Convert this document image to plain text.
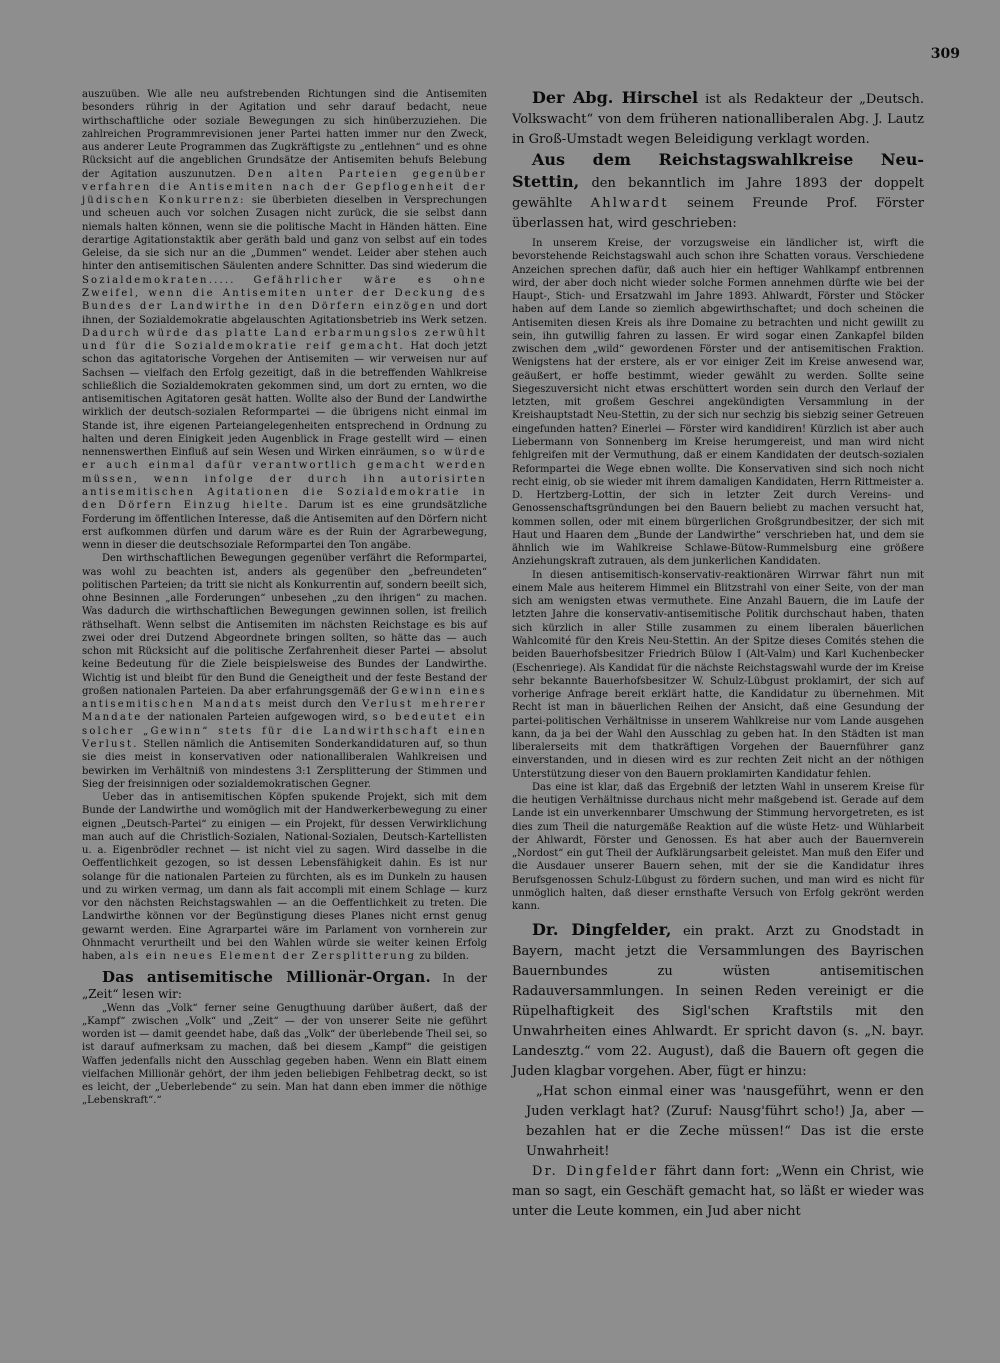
309

auszuüben. Wie alle neu aufstrebenden Richtungen sind die Antisemiten besonders rührig in der Agitation und sehr darauf bedacht, neue wirthschaftliche oder soziale Bewegungen zu sich hinüberzuziehen. Die zahlreichen Programmrevisionen jener Partei hatten immer nur den Zweck, aus anderer Leute Programmen das Zugkräftigste zu „entlehnen“ und es ohne Rücksicht auf die angeblichen Grundsätze der Antisemiten behufs Belebung der Agitation auszunutzen. Den alten Parteien gegenüber verfahren die Antisemiten nach der Gepflogenheit der jüdischen Konkurrenz: sie überbieten dieselben in Versprechungen und scheuen auch vor solchen Zusagen nicht zurück, die sie selbst dann niemals halten können, wenn sie die politische Macht in Händen hätten. Eine derartige Agitationstaktik aber geräth bald und ganz von selbst auf ein todes Geleise, da sie sich nur an die „Dummen“ wendet. Leider aber stehen auch hinter den antisemitischen Säulenten andere Schnitter. Das sind wiederum die Sozialdemokraten..... Gefährlicher wäre es ohne Zweifel, wenn die Antisemiten unter der Deckung des Bundes der Landwirthe in den Dörfern einzögen und dort ihnen, der Sozialdemokratie abgelauschten Agitationsbetrieb ins Werk setzen. Dadurch würde das platte Land erbarmungslos zerwühlt und für die Sozialdemokratie reif gemacht. Hat doch jetzt schon das agitatorische Vorgehen der Antisemiten — wir verweisen nur auf Sachsen — vielfach den Erfolg gezeitigt, daß in die betreffenden Wahlkreise schließlich die Sozialdemokraten gekommen sind, um dort zu ernten, wo die antisemitischen Agitatoren gesät hatten. Wollte also der Bund der Landwirthe wirklich der deutsch-sozialen Reformpartei — die übrigens nicht einmal im Stande ist, ihre eigenen Parteiangelegenheiten entsprechend in Ordnung zu halten und deren Einigkeit jeden Augenblick in Frage gestellt wird — einen nennenswerthen Einfluß auf sein Wesen und Wirken einräumen, so würde er auch einmal dafür verantwortlich gemacht werden müssen, wenn infolge der durch ihn autorisirten antisemitischen Agitationen die Sozialdemokratie in den Dörfern Einzug hielte. Darum ist es eine grundsätzliche Forderung im öffentlichen Interesse, daß die Antisemiten auf den Dörfern nicht erst aufkommen dürfen und darum wäre es der Ruin der Agrarbewegung, wenn in dieser die deutschsoziale Reformpartei den Ton angäbe.

Den wirthschaftlichen Bewegungen gegenüber verfährt die Reformpartei, was wohl zu beachten ist, anders als gegenüber den „befreundeten“ politischen Parteien; da tritt sie nicht als Konkurrentin auf, sondern beeilt sich, ohne Besinnen „alle Forderungen“ unbesehen „zu den ihrigen“ zu machen. Was dadurch die wirthschaftlichen Bewegungen gewinnen sollen, ist freilich räthselhaft. Wenn selbst die Antisemiten im nächsten Reichstage es bis auf zwei oder drei Dutzend Abgeordnete bringen sollten, so hätte das — auch schon mit Rücksicht auf die politische Zerfahrenheit dieser Partei — absolut keine Bedeutung für die Ziele beispielsweise des Bundes der Landwirthe. Wichtig ist und bleibt für den Bund die Geneigtheit und der feste Bestand der großen nationalen Parteien. Da aber erfahrungsgemäß der Gewinn eines antisemitischen Mandats meist durch den Verlust mehrerer Mandate der nationalen Parteien aufgewogen wird, so bedeutet ein solcher „Gewinn“ stets für die Landwirthschaft einen Verlust. Stellen nämlich die Antisemiten Sonderkandidaturen auf, so thun sie dies meist in konservativen oder nationalliberalen Wahlkreisen und bewirken im Verhältniß von mindestens 3:1 Zersplitterung der Stimmen und Sieg der freisinnigen oder sozialdemokratischen Gegner.

Ueber das in antisemitischen Köpfen spukende Projekt, sich mit dem Bunde der Landwirthe und womöglich mit der Handwerkerbewegung zu einer eignen „Deutsch-Partei“ zu einigen — ein Projekt, für dessen Verwirklichung man auch auf die Christlich-Sozialen, National-Sozialen, Deutsch-Kartellisten u. a. Eigenbrödler rechnet — ist nicht viel zu sagen. Wird dasselbe in die Oeffentlichkeit gezogen, so ist dessen Lebensfähigkeit dahin. Es ist nur solange für die nationalen Parteien zu fürchten, als es im Dunkeln zu hausen und zu wirken vermag, um dann als fait accompli mit einem Schlage — kurz vor den nächsten Reichstagswahlen — an die Oeffentlichkeit zu treten. Die Landwirthe können vor der Begünstigung dieses Planes nicht ernst genug gewarnt werden. Eine Agrarpartei wäre im Parlament von vornherein zur Ohnmacht verurtheilt und bei den Wahlen würde sie weiter keinen Erfolg haben, als ein neues Element der Zersplitterung zu bilden.

Das antisemitische Millionär-Organ. In der „Zeit“ lesen wir:

„Wenn das „Volk“ ferner seine Genugthuung darüber äußert, daß der „Kampf“ zwischen „Volk“ und „Zeit“ — der von unserer Seite nie geführt worden ist — damit geendet habe, daß das „Volk“ der überlebende Theil sei, so ist darauf aufmerksam zu machen, daß bei diesem „Kampf“ die geistigen Waffen jedenfalls nicht den Ausschlag gegeben haben. Wenn ein Blatt einem vielfachen Millionär gehört, der ihm jeden beliebigen Fehlbetrag deckt, so ist es leicht, der „Ueberlebende“ zu sein. Man hat dann eben immer die nöthige „Lebenskraft“.“

Der Abg. Hirschel ist als Redakteur der „Deutsch. Volkswacht“ von dem früheren nationalliberalen Abg. J. Lautz in Groß-Umstadt wegen Beleidigung verklagt worden.

Aus dem Reichstagswahlkreise Neu-Stettin, den bekanntlich im Jahre 1893 der doppelt gewählte Ahlwardt seinem Freunde Prof. Förster überlassen hat, wird geschrieben:

In unserem Kreise, der vorzugsweise ein ländlicher ist, wirft die bevorstehende Reichstagswahl auch schon ihre Schatten voraus. Verschiedene Anzeichen sprechen dafür, daß auch hier ein heftiger Wahlkampf entbrennen wird, der aber doch nicht wieder solche Formen annehmen dürfte wie bei der Haupt-, Stich- und Ersatzwahl im Jahre 1893. Ahlwardt, Förster und Stöcker haben auf dem Lande so ziemlich abgewirthschaftet; und doch scheinen die Antisemiten diesen Kreis als ihre Domaine zu betrachten und nicht gewillt zu sein, ihn gutwillig fahren zu lassen. Er wird sogar einen Zankapfel bilden zwischen dem „wild“ gewordenen Förster und der antisemitischen Fraktion. Wenigstens hat der erstere, als er vor einiger Zeit im Kreise anwesend war, geäußert, er hoffe bestimmt, wieder gewählt zu werden. Sollte seine Siegeszuversicht nicht etwas erschüttert worden sein durch den Verlauf der letzten, mit großem Geschrei angekündigten Versammlung in der Kreishauptstadt Neu-Stettin, zu der sich nur sechzig bis siebzig seiner Getreuen eingefunden hatten? Einerlei — Förster wird kandidiren! Kürzlich ist aber auch Liebermann von Sonnenberg im Kreise herumgereist, und man wird nicht fehlgreifen mit der Vermuthung, daß er einem Kandidaten der deutsch-sozialen Reformpartei die Wege ebnen wollte. Die Konservativen sind sich noch nicht recht einig, ob sie wieder mit ihrem damaligen Kandidaten, Herrn Rittmeister a. D. Hertzberg-Lottin, der sich in letzter Zeit durch Vereins- und Genossenschaftsgründungen bei den Bauern beliebt zu machen versucht hat, kommen sollen, oder mit einem bürgerlichen Großgrundbesitzer, der sich mit Haut und Haaren dem „Bunde der Landwirthe“ verschrieben hat, und dem sie ähnlich wie im Wahlkreise Schlawe-Bütow-Rummelsburg eine größere Anziehungskraft zutrauen, als dem junkerlichen Kandidaten.

In diesen antisemitisch-konservativ-reaktionären Wirrwar fährt nun mit einem Male aus heiterem Himmel ein Blitzstrahl von einer Seite, von der man sich am wenigsten etwas vermuthete. Eine Anzahl Bauern, die im Laufe der letzten Jahre die konservativ-antisemitische Politik durchschaut haben, thaten sich kürzlich in aller Stille zusammen zu einem liberalen bäuerlichen Wahlcomité für den Kreis Neu-Stettin. An der Spitze dieses Comités stehen die beiden Bauerhofsbesitzer Friedrich Bülow I (Alt-Valm) und Karl Kuchenbecker (Eschenriege). Als Kandidat für die nächste Reichstagswahl wurde der im Kreise sehr bekannte Bauerhofsbesitzer W. Schulz-Lübgust proklamirt, der sich auf vorherige Anfrage bereit erklärt hatte, die Kandidatur zu übernehmen. Mit Recht ist man in bäuerlichen Reihen der Ansicht, daß eine Gesundung der partei-politischen Verhältnisse in unserem Wahlkreise nur vom Lande ausgehen kann, da ja bei der Wahl den Ausschlag zu geben hat. In den Städten ist man liberalerseits mit dem thatkräftigen Vorgehen der Bauernführer ganz einverstanden, und in diesen wird es zur rechten Zeit nicht an der nöthigen Unterstützung dieser von den Bauern proklamirten Kandidatur fehlen.

Das eine ist klar, daß das Ergebniß der letzten Wahl in unserem Kreise für die heutigen Verhältnisse durchaus nicht mehr maßgebend ist. Gerade auf dem Lande ist ein unverkennbarer Umschwung der Stimmung hervorgetreten, es ist dies zum Theil die naturgemäße Reaktion auf die wüste Hetz- und Wühlarbeit der Ahlwardt, Förster und Genossen. Es hat aber auch der Bauernverein „Nordost“ ein gut Theil der Aufklärungsarbeit geleistet. Man muß den Eifer und die Ausdauer unserer Bauern sehen, mit der sie die Kandidatur ihres Berufsgenossen Schulz-Lübgust zu fördern suchen, und man wird es nicht für unmöglich halten, daß dieser ernsthafte Versuch von Erfolg gekrönt werden kann.

Dr. Dingfelder, ein prakt. Arzt zu Gnodstadt in Bayern, macht jetzt die Versammlungen des Bayrischen Bauernbundes zu wüsten antisemitischen Radauversammlungen. In seinen Reden vereinigt er die Rüpelhaftigkeit des Sigl'schen Kraftstils mit den Unwahrheiten eines Ahlwardt. Er spricht davon (s. „N. bayr. Landesztg.“ vom 22. August), daß die Bauern oft gegen die Juden klagbar vorgehen. Aber, fügt er hinzu:

„Hat schon einmal einer was 'nausgeführt, wenn er den Juden verklagt hat? (Zuruf: Nausg'führt scho!) Ja, aber — bezahlen hat er die Zeche müssen!“ Das ist die erste Unwahrheit!

Dr. Dingfelder fährt dann fort: „Wenn ein Christ, wie man so sagt, ein Geschäft gemacht hat, so läßt er wieder was unter die Leute kommen, ein Jud aber nicht
